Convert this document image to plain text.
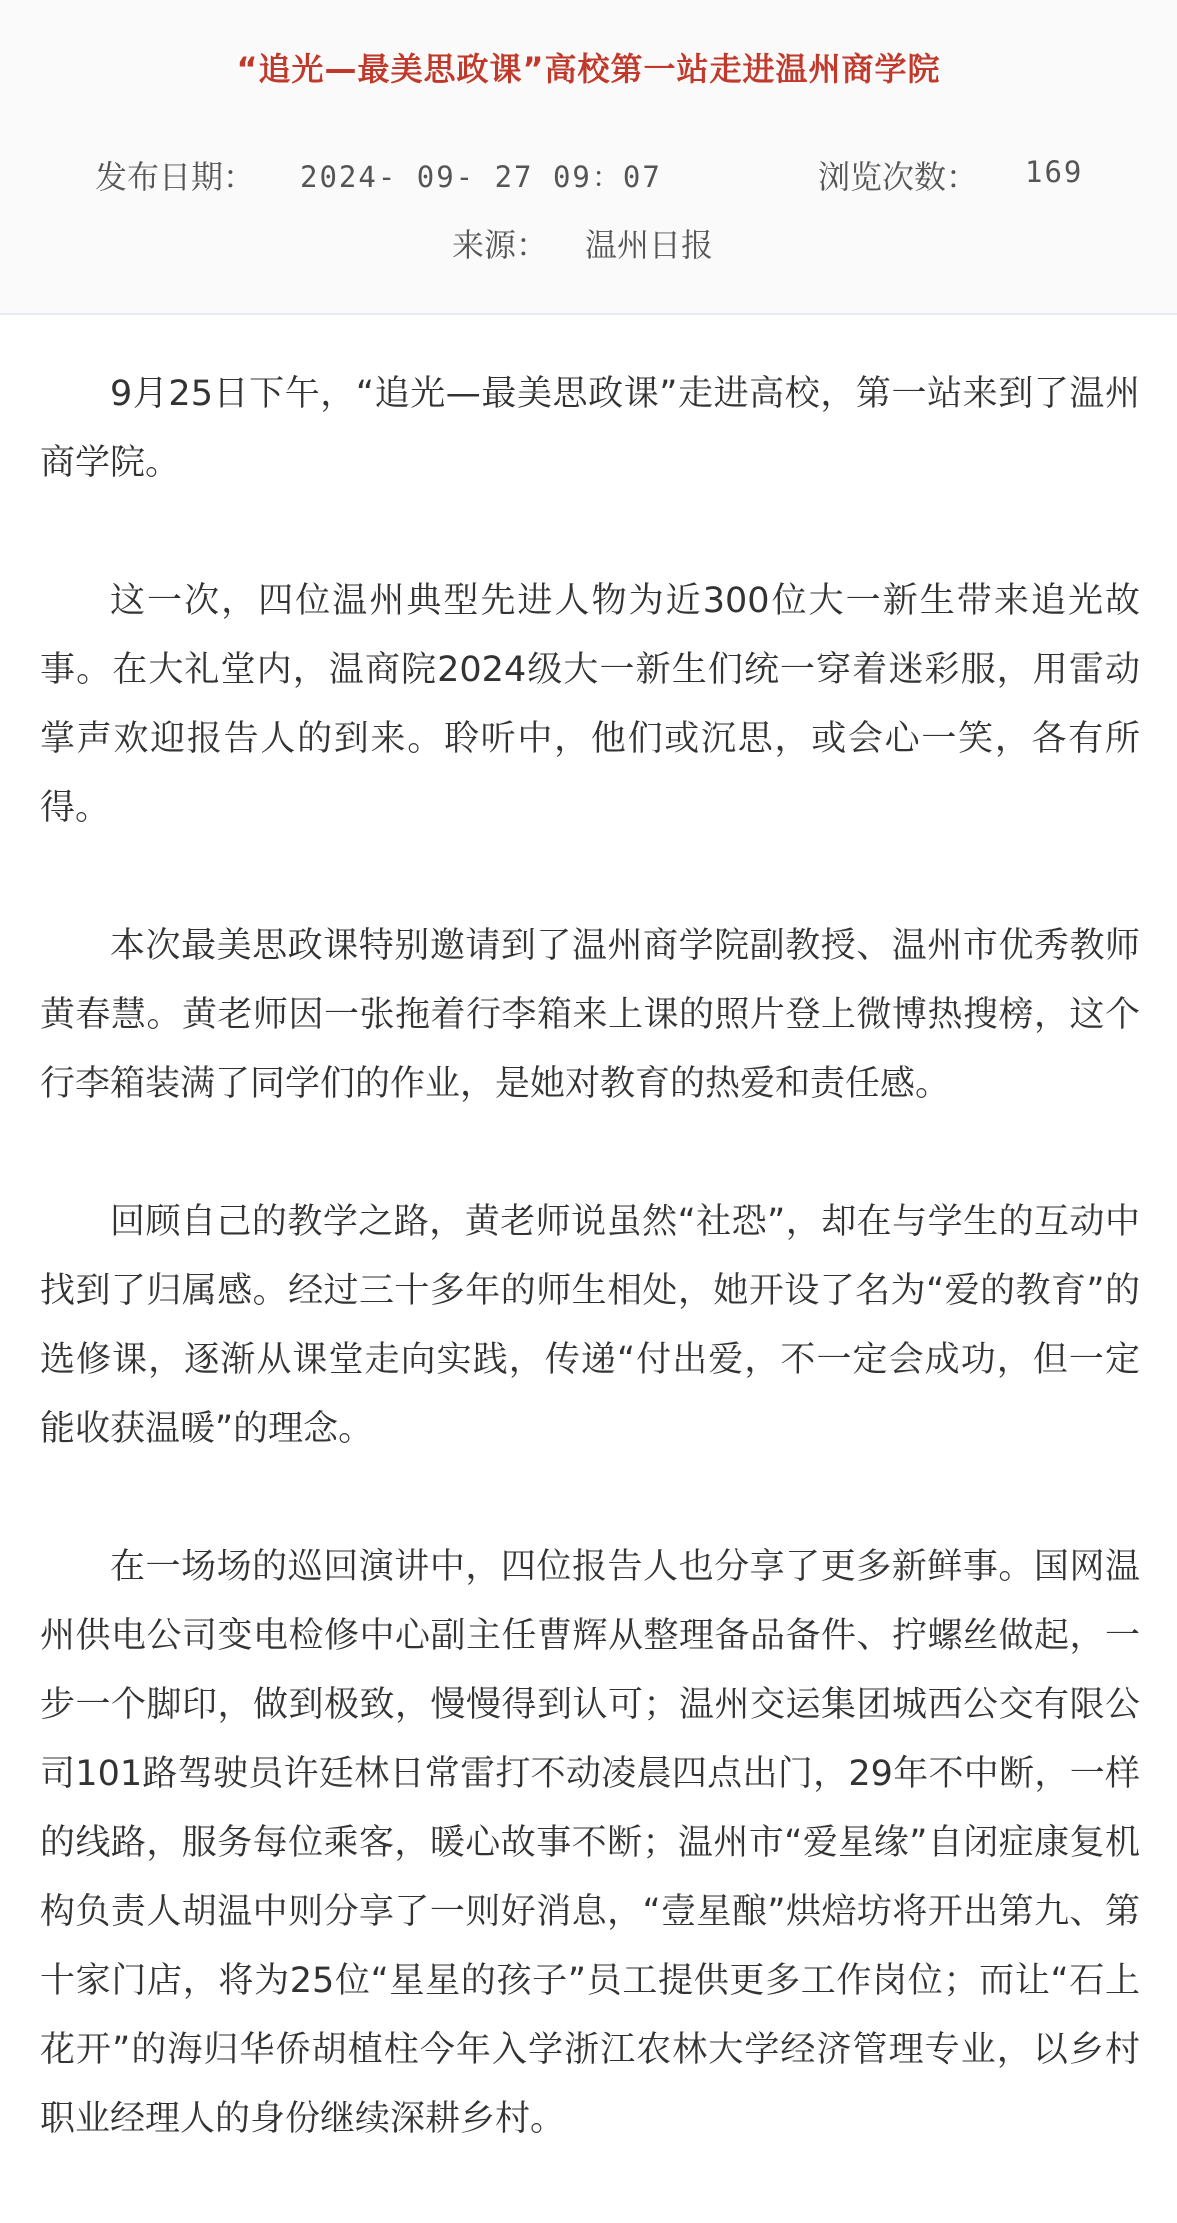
“追光—最美思政课”高校第一站走进温州商学院
发布日期： 2024- 09- 27 09：07	浏览次数： 169
来源： 温州日报

9月25日下午，“追光—最美思政课”走进高校，第一站来到了温州商学院。

这一次，四位温州典型先进人物为近300位大一新生带来追光故事。在大礼堂内，温商院2024级大一新生们统一穿着迷彩服，用雷动掌声欢迎报告人的到来。聆听中，他们或沉思，或会心一笑，各有所得。

本次最美思政课特别邀请到了温州商学院副教授、温州市优秀教师黄春慧。黄老师因一张拖着行李箱来上课的照片登上微博热搜榜，这个行李箱装满了同学们的作业，是她对教育的热爱和责任感。

回顾自己的教学之路，黄老师说虽然“社恐”，却在与学生的互动中找到了归属感。经过三十多年的师生相处，她开设了名为“爱的教育”的选修课，逐渐从课堂走向实践，传递“付出爱，不一定会成功，但一定能收获温暖”的理念。

在一场场的巡回演讲中，四位报告人也分享了更多新鲜事。国网温州供电公司变电检修中心副主任曹辉从整理备品备件、拧螺丝做起，一步一个脚印，做到极致，慢慢得到认可；温州交运集团城西公交有限公司101路驾驶员许廷林日常雷打不动凌晨四点出门，29年不中断，一样的线路，服务每位乘客，暖心故事不断；温州市“爱星缘”自闭症康复机构负责人胡温中则分享了一则好消息，“壹星酿”烘焙坊将开出第九、第十家门店，将为25位“星星的孩子”员工提供更多工作岗位；而让“石上花开”的海归华侨胡植柱今年入学浙江农林大学经济管理专业，以乡村职业经理人的身份继续深耕乡村。
